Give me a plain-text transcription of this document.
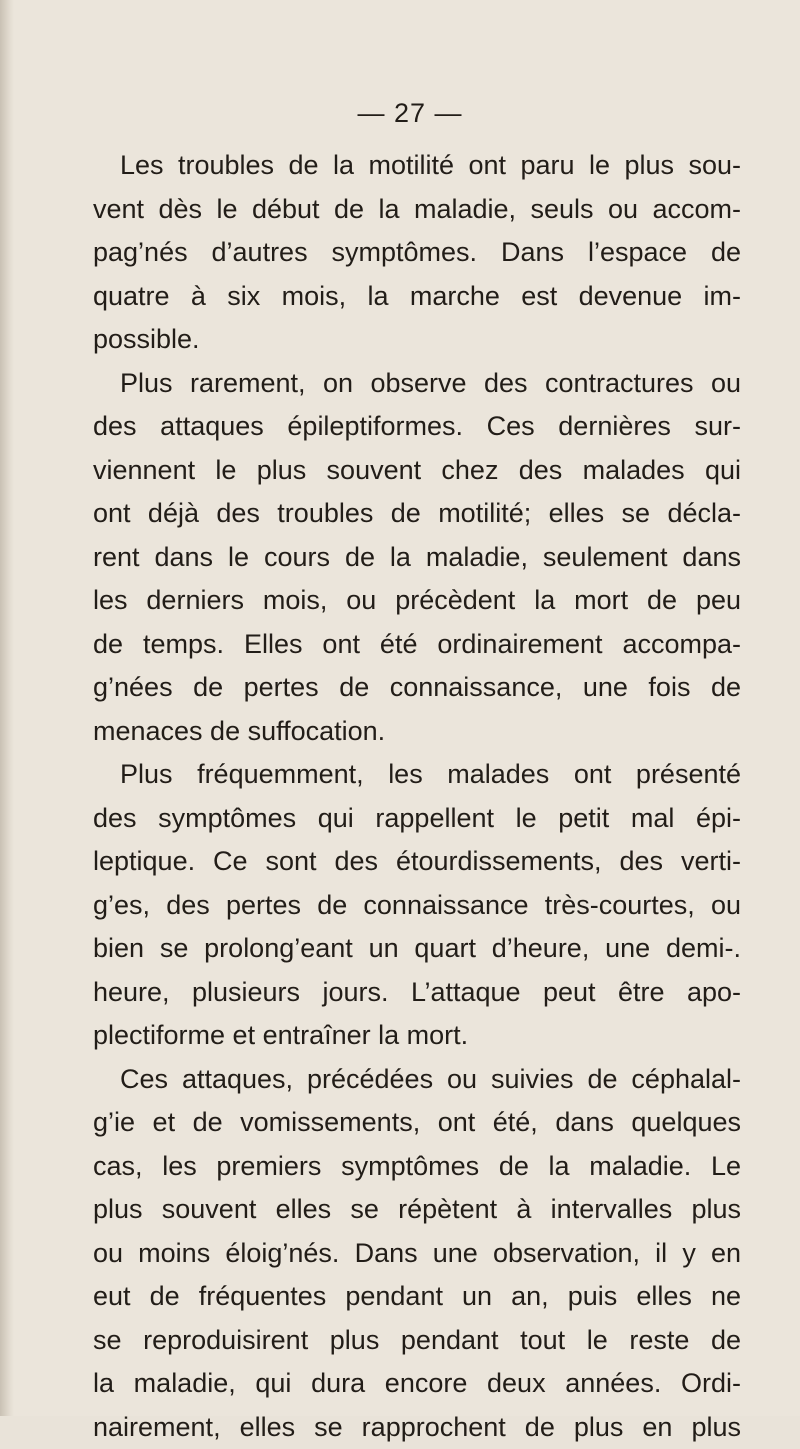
— 27 —
Les troubles de la motilité ont paru le plus sou-
vent dès le début de la maladie, seuls ou accom-
pag’nés d’autres symptômes. Dans l’espace de
quatre à six mois, la marche est devenue im-
possible.
Plus rarement, on observe des contractures ou
des attaques épileptiformes. Ces dernières sur-
viennent le plus souvent chez des malades qui
ont déjà des troubles de motilité; elles se décla-
rent dans le cours de la maladie, seulement dans
les derniers mois, ou précèdent la mort de peu
de temps. Elles ont été ordinairement accompa-
g’nées de pertes de connaissance, une fois de
menaces de suffocation.
Plus fréquemment, les malades ont présenté
des symptômes qui rappellent le petit mal épi-
leptique. Ce sont des étourdissements, des verti-
g’es, des pertes de connaissance très-courtes, ou
bien se prolong’eant un quart d’heure, une demi-.
heure, plusieurs jours. L’attaque peut être apo-
plectiforme et entraîner la mort.
Ces attaques, précédées ou suivies de céphalal-
g’ie et de vomissements, ont été, dans quelques
cas, les premiers symptômes de la maladie. Le
plus souvent elles se répètent à intervalles plus
ou moins éloig’nés. Dans une observation, il y en
eut de fréquentes pendant un an, puis elles ne
se reproduisirent plus pendant tout le reste de
la maladie, qui dura encore deux années. Ordi-
nairement, elles se rapprochent de plus en plus
